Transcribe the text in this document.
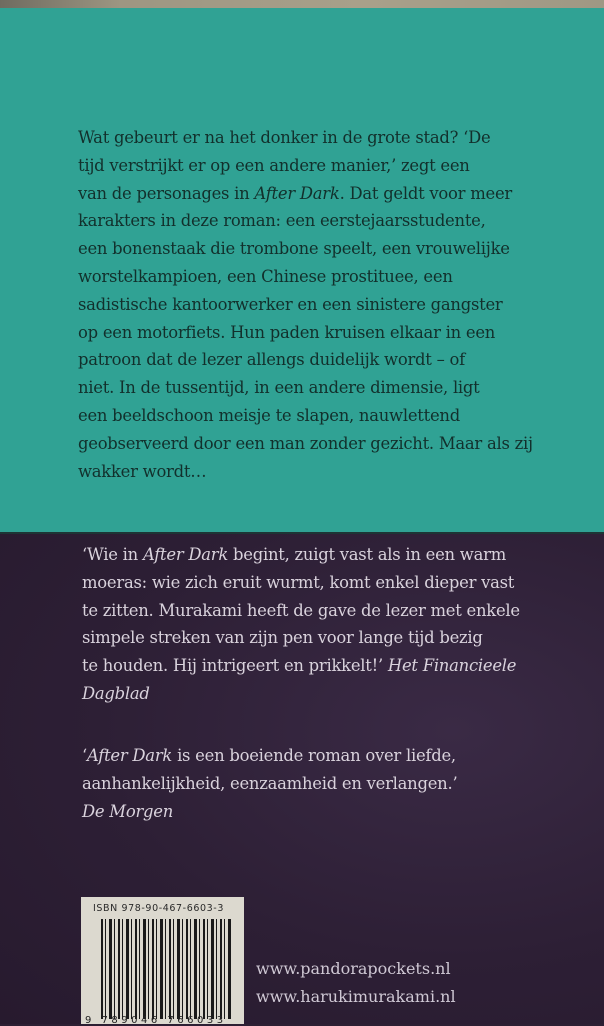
Wat gebeurt er na het donker in de grote stad? ‘De
tijd verstrijkt er op een andere manier,’ zegt een
van de personages in After Dark. Dat geldt voor meer
karakters in deze roman: een eerstejaarsstudente,
een bonenstaak die trombone speelt, een vrouwelijke
worstelkampioen, een Chinese prostituee, een
sadistische kantoorwerker en een sinistere gangster
op een motorfiets. Hun paden kruisen elkaar in een
patroon dat de lezer allengs duidelijk wordt – of
niet. In de tussentijd, in een andere dimensie, ligt
een beeldschoon meisje te slapen, nauwlettend
geobserveerd door een man zonder gezicht. Maar als zij
wakker wordt…
‘Wie in After Dark begint, zuigt vast als in een warm
moeras: wie zich eruit wurmt, komt enkel dieper vast
te zitten. Murakami heeft de gave de lezer met enkele
simpele streken van zijn pen voor lange tijd bezig
te houden. Hij intrigeert en prikkelt!’ Het Financieele
Dagblad
‘After Dark is een boeiende roman over liefde,
aanhankelijkheid, eenzaamheid en verlangen.’
De Morgen
ISBN 978-90-467-6603-3
9 789046 766033
www.pandorapockets.nl
www.harukimurakami.nl
